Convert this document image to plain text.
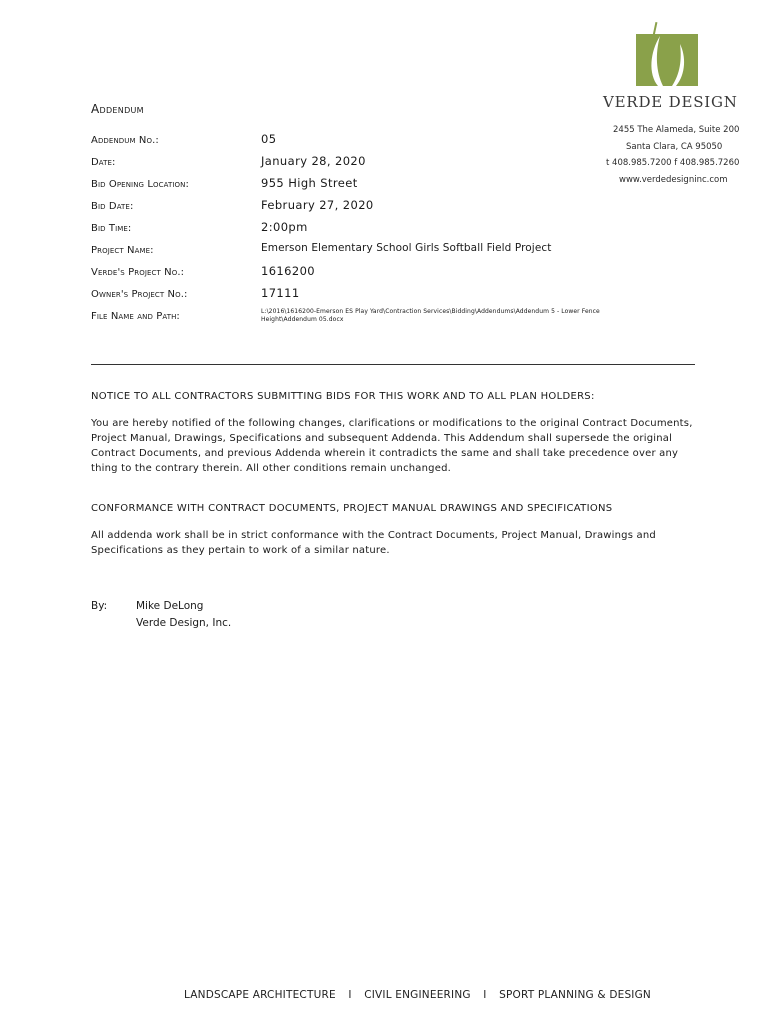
Addendum	VERDE DESIGN
2455 The Alameda, Suite 200
Santa Clara, CA 95050
t 408.985.7200 f 408.985.7260
www.verdedesigninc.com
Addendum No.:	05
Date:	January 28, 2020
Bid Opening Location:	955 High Street
Bid Date:	February 27, 2020
Bid Time:	2:00pm
Project Name:	Emerson Elementary School Girls Softball Field Project
Verde's Project No.:	1616200
Owner's Project No.:	17111
File Name and Path:	L:\2016\1616200-Emerson ES Play Yard\Contraction Services\Bidding\Addendums\Addendum 5 - Lower Fence Height\Addendum 05.docx
NOTICE TO ALL CONTRACTORS SUBMITTING BIDS FOR THIS WORK AND TO ALL PLAN HOLDERS:
You are hereby notified of the following changes, clarifications or modifications to the original Contract Documents, Project Manual, Drawings, Specifications and subsequent Addenda. This Addendum shall supersede the original Contract Documents, and previous Addenda wherein it contradicts the same and shall take precedence over any thing to the contrary therein. All other conditions remain unchanged.
CONFORMANCE WITH CONTRACT DOCUMENTS, PROJECT MANUAL DRAWINGS AND SPECIFICATIONS
All addenda work shall be in strict conformance with the Contract Documents, Project Manual, Drawings and Specifications as they pertain to work of a similar nature.
By:	Mike DeLong
Verde Design, Inc.
LANDSCAPE ARCHITECTURE I CIVIL ENGINEERING I SPORT PLANNING & DESIGN
